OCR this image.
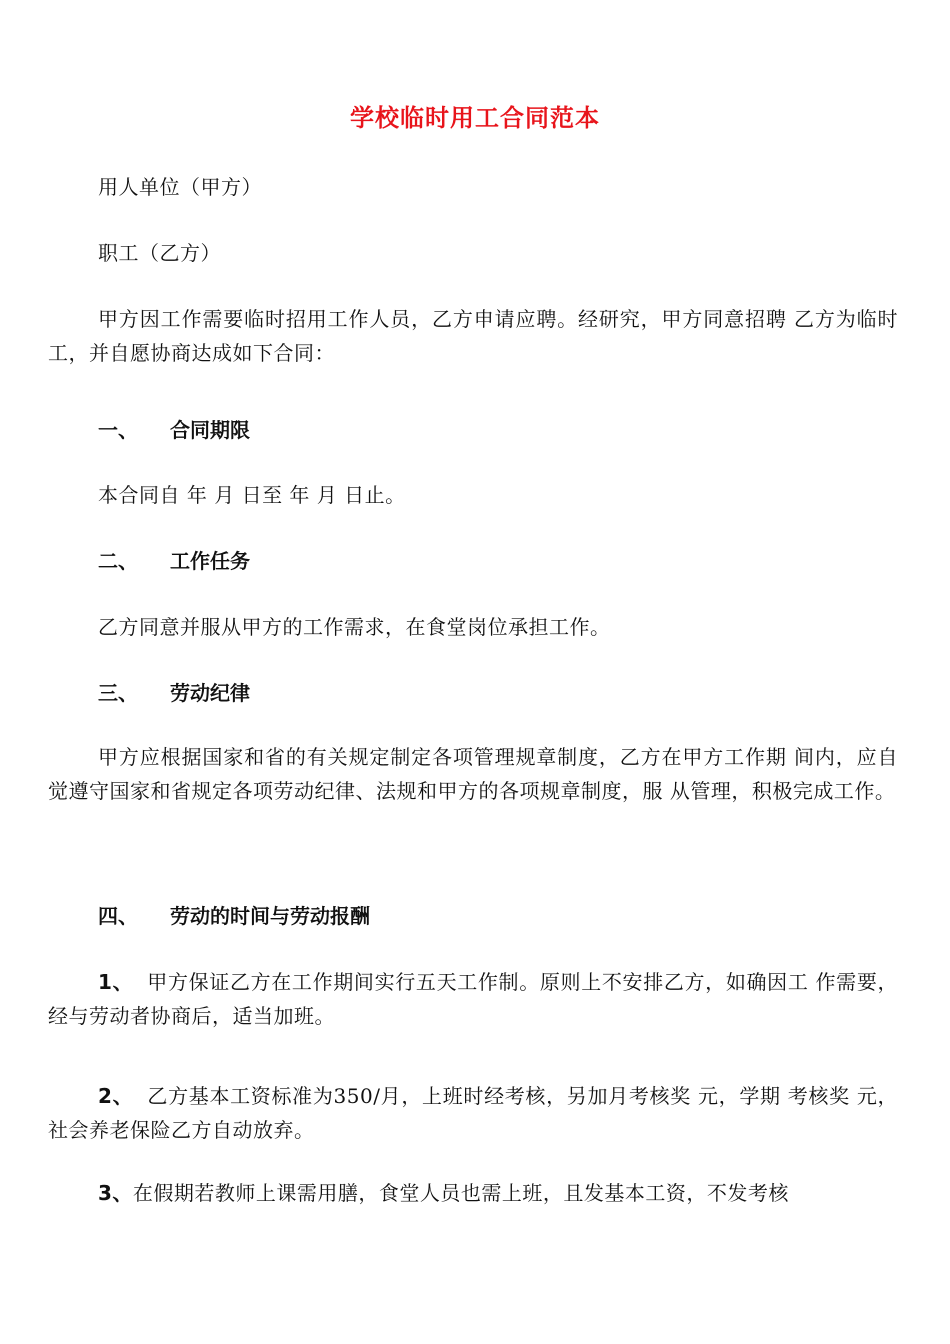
学校临时用工合同范本
用人单位（甲方）
职工（乙方）

甲方因工作需要临时招用工作人员，乙方申请应聘。经研究，甲方同意招聘 乙方为临时工，并自愿协商达成如下合同：

一、 合同期限
本合同自 年 月 日至 年 月 日止。
二、 工作任务
乙方同意并服从甲方的工作需求，在食堂岗位承担工作。
三、 劳动纪律

甲方应根据国家和省的有关规定制定各项管理规章制度，乙方在甲方工作期 间内，应自觉遵守国家和省规定各项劳动纪律、法规和甲方的各项规章制度，服 从管理，积极完成工作。

四、 劳动的时间与劳动报酬

1、 甲方保证乙方在工作期间实行五天工作制。原则上不安排乙方，如确因工 作需要，经与劳动者协商后，适当加班。

2、 乙方基本工资标准为350/月，上班时经考核，另加月考核奖 元，学期 考核奖 元，社会养老保险乙方自动放弃。

3、在假期若教师上课需用膳，食堂人员也需上班，且发基本工资，不发考核
